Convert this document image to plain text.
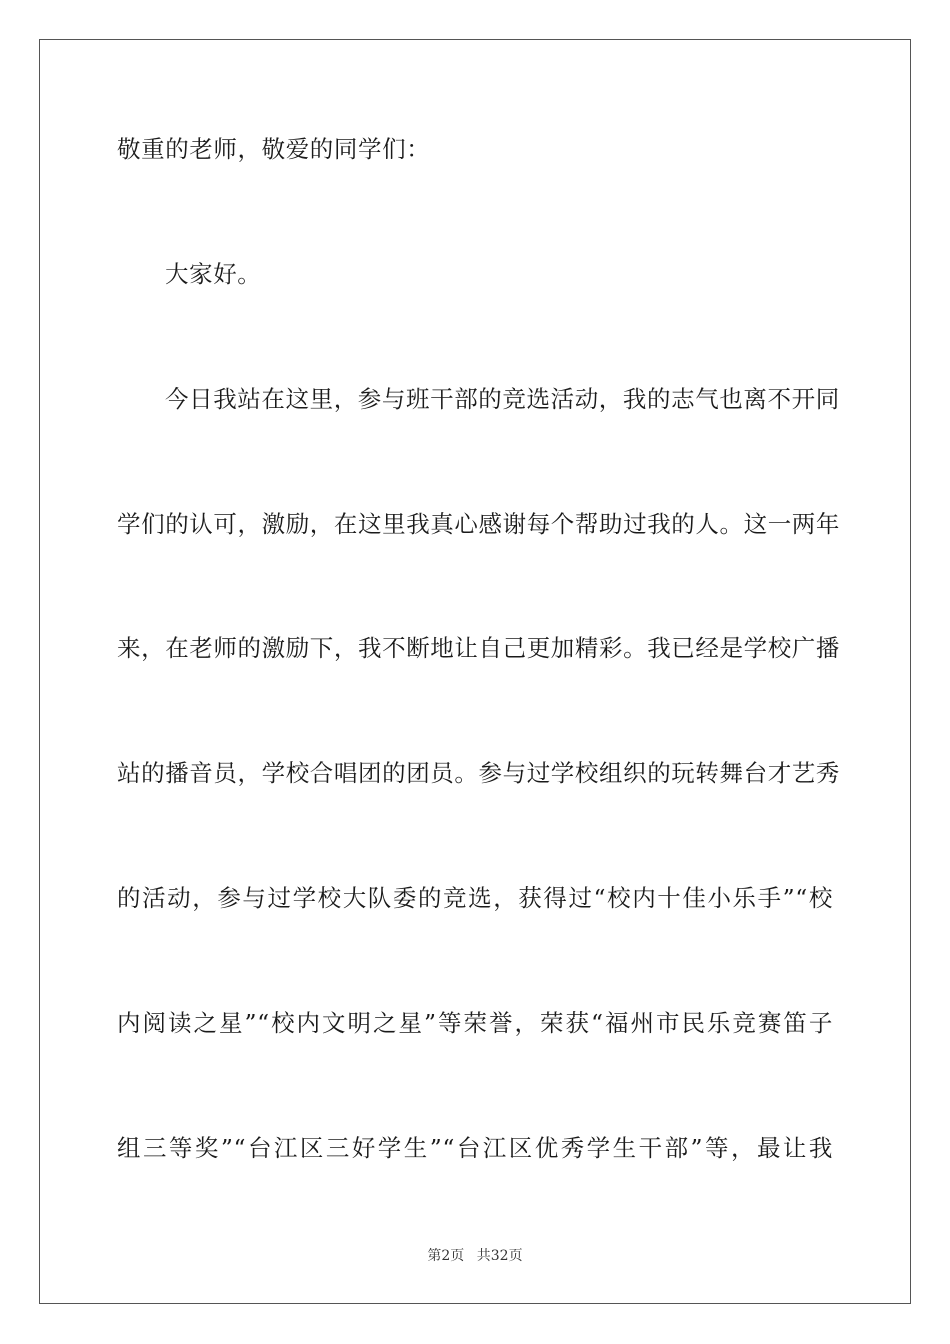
敬重的老师，敬爱的同学们：
大家好。
今日我站在这里，参与班干部的竞选活动，我的志气也离不开同
学们的认可，激励，在这里我真心感谢每个帮助过我的人。这一两年
来，在老师的激励下，我不断地让自己更加精彩。我已经是学校广播
站的播音员，学校合唱团的团员。参与过学校组织的玩转舞台才艺秀
的活动，参与过学校大队委的竞选，获得过“校内十佳小乐手”“校
内阅读之星”“校内文明之星”等荣誉，荣获“福州市民乐竞赛笛子
组三等奖”“台江区三好学生”“台江区优秀学生干部”等，最让我
第2页 共32页
